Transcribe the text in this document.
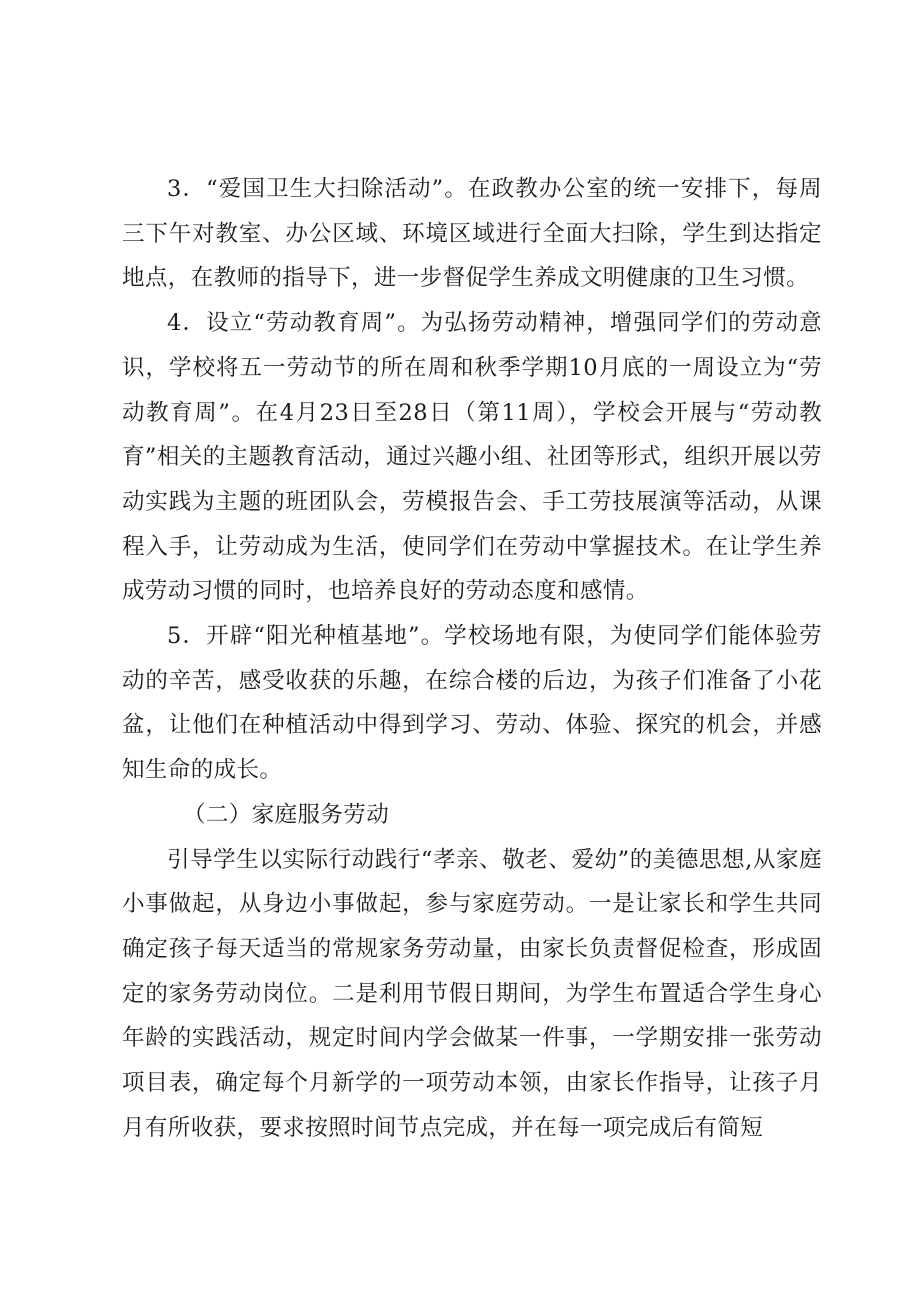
3．“爱国卫生大扫除活动”。在政教办公室的统一安排下，每周三下午对教室、办公区域、环境区域进行全面大扫除，学生到达指定地点，在教师的指导下，进一步督促学生养成文明健康的卫生习惯。

4．设立“劳动教育周”。为弘扬劳动精神，增强同学们的劳动意识，学校将五一劳动节的所在周和秋季学期10月底的一周设立为“劳动教育周”。在4月23日至28日（第11周），学校会开展与“劳动教育”相关的主题教育活动，通过兴趣小组、社团等形式，组织开展以劳动实践为主题的班团队会，劳模报告会、手工劳技展演等活动，从课程入手，让劳动成为生活，使同学们在劳动中掌握技术。在让学生养成劳动习惯的同时，也培养良好的劳动态度和感情。

5．开辟“阳光种植基地”。学校场地有限，为使同学们能体验劳动的辛苦，感受收获的乐趣，在综合楼的后边，为孩子们准备了小花盆，让他们在种植活动中得到学习、劳动、体验、探究的机会，并感知生命的成长。

（二）家庭服务劳动

引导学生以实际行动践行“孝亲、敬老、爱幼”的美德思想,从家庭小事做起，从身边小事做起，参与家庭劳动。一是让家长和学生共同确定孩子每天适当的常规家务劳动量，由家长负责督促检查，形成固定的家务劳动岗位。二是利用节假日期间，为学生布置适合学生身心年龄的实践活动，规定时间内学会做某一件事，一学期安排一张劳动项目表，确定每个月新学的一项劳动本领，由家长作指导，让孩子月月有所收获，要求按照时间节点完成，并在每一项完成后有简短
